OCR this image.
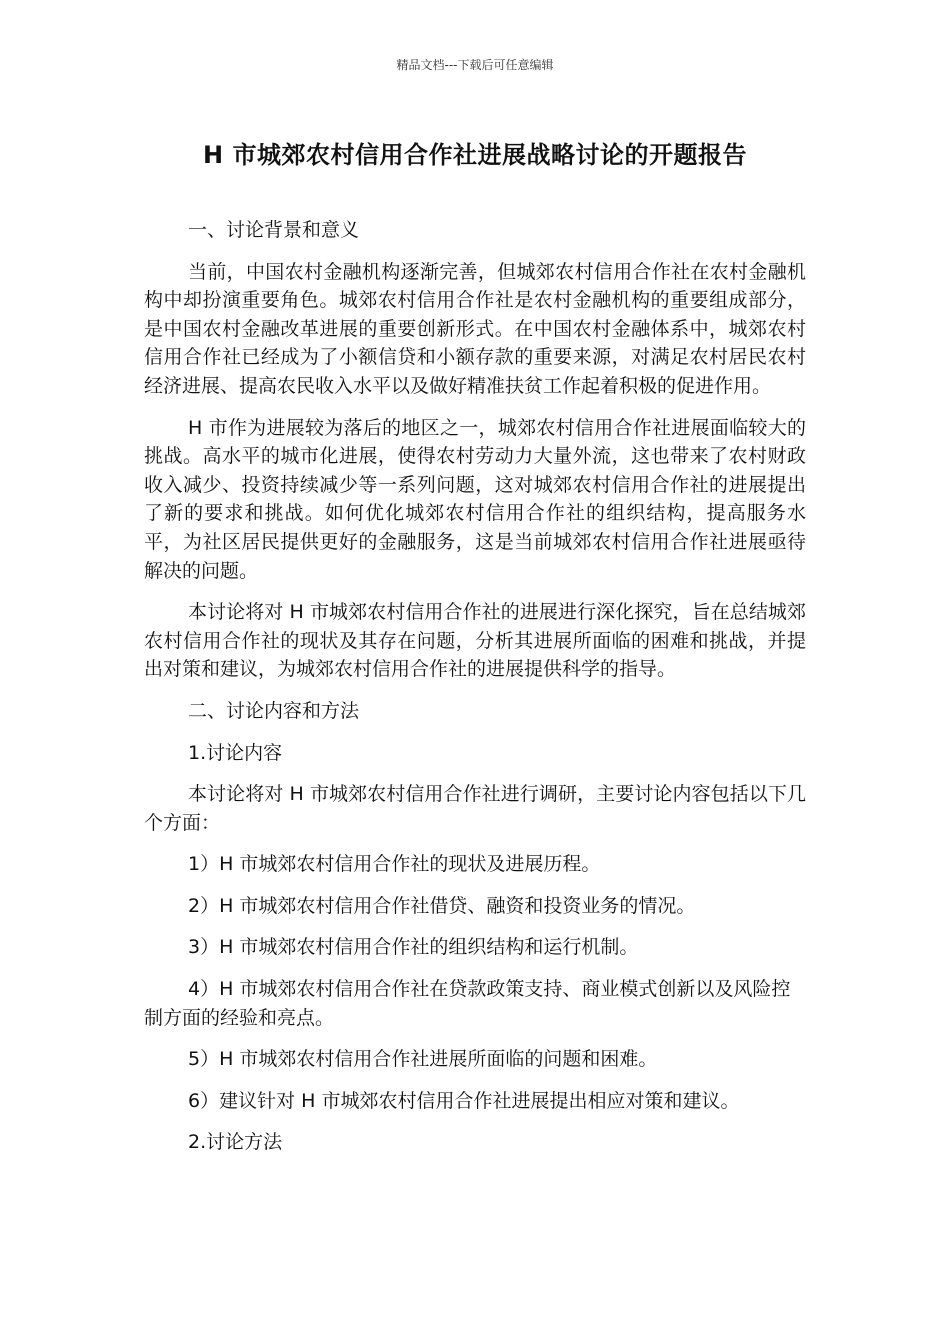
精品文档---下载后可任意编辑
H 市城郊农村信用合作社进展战略讨论的开题报告

一、讨论背景和意义

当前，中国农村金融机构逐渐完善，但城郊农村信用合作社在农村金融机构中却扮演重要角色。城郊农村信用合作社是农村金融机构的重要组成部分，是中国农村金融改革进展的重要创新形式。在中国农村金融体系中，城郊农村信用合作社已经成为了小额信贷和小额存款的重要来源，对满足农村居民农村经济进展、提高农民收入水平以及做好精准扶贫工作起着积极的促进作用。

H 市作为进展较为落后的地区之一，城郊农村信用合作社进展面临较大的挑战。高水平的城市化进展，使得农村劳动力大量外流，这也带来了农村财政收入减少、投资持续减少等一系列问题，这对城郊农村信用合作社的进展提出了新的要求和挑战。如何优化城郊农村信用合作社的组织结构，提高服务水平，为社区居民提供更好的金融服务，这是当前城郊农村信用合作社进展亟待解决的问题。

本讨论将对 H 市城郊农村信用合作社的进展进行深化探究，旨在总结城郊农村信用合作社的现状及其存在问题，分析其进展所面临的困难和挑战，并提出对策和建议，为城郊农村信用合作社的进展提供科学的指导。

二、讨论内容和方法

1.讨论内容

本讨论将对 H 市城郊农村信用合作社进行调研，主要讨论内容包括以下几个方面：

1）H 市城郊农村信用合作社的现状及进展历程。

2）H 市城郊农村信用合作社借贷、融资和投资业务的情况。

3）H 市城郊农村信用合作社的组织结构和运行机制。

4）H 市城郊农村信用合作社在贷款政策支持、商业模式创新以及风险控制方面的经验和亮点。

5）H 市城郊农村信用合作社进展所面临的问题和困难。

6）建议针对 H 市城郊农村信用合作社进展提出相应对策和建议。

2.讨论方法
